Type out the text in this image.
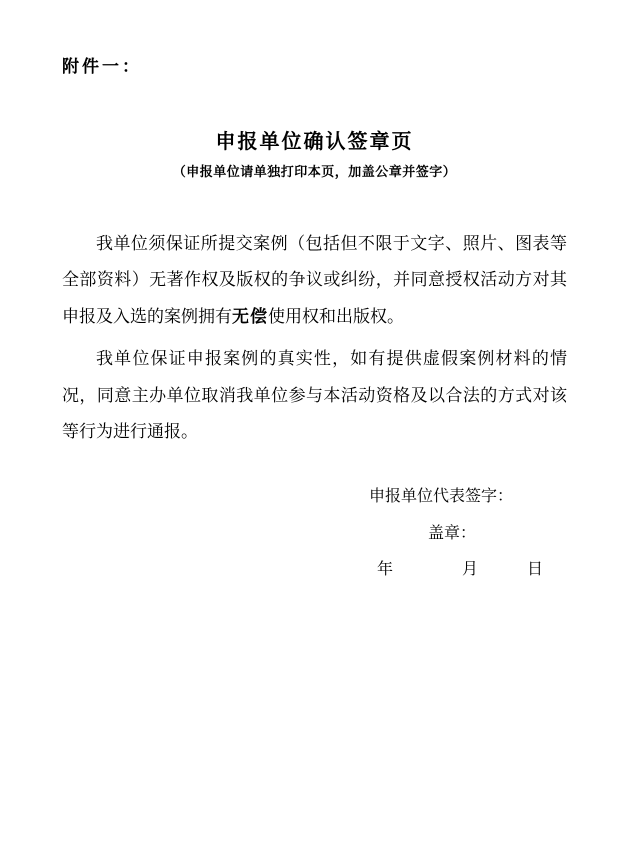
附件一：
申报单位确认签章页
（申报单位请单独打印本页，加盖公章并签字）

我单位须保证所提交案例（包括但不限于文字、照片、图表等全部资料）无著作权及版权的争议或纠纷，并同意授权活动方对其申报及入选的案例拥有无偿使用权和出版权。

我单位保证申报案例的真实性，如有提供虚假案例材料的情况，同意主办单位取消我单位参与本活动资格及以合法的方式对该等行为进行通报。

申报单位代表签字：
盖章：
年	月	日
